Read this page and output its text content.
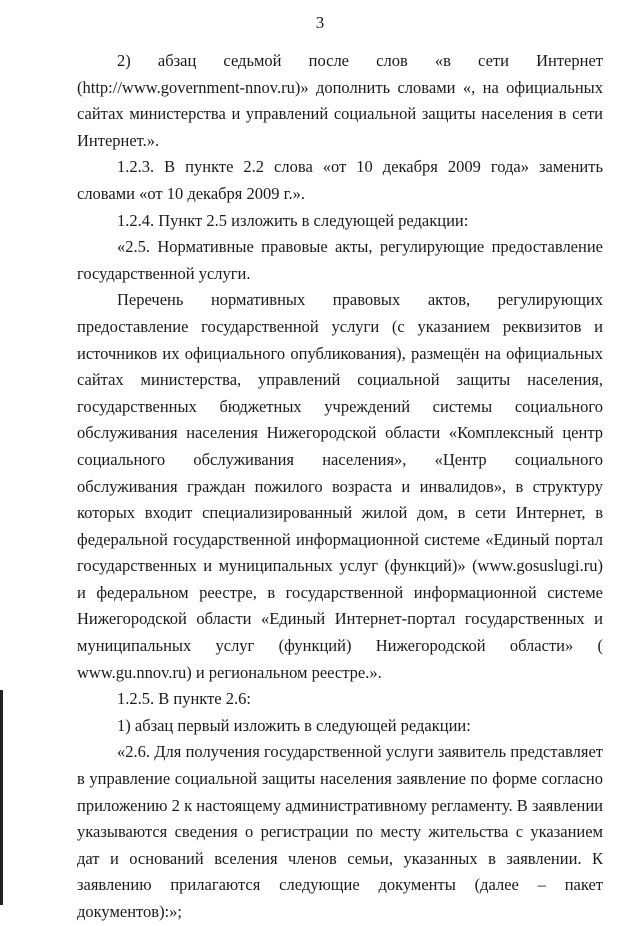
3

2) абзац седьмой после слов «в сети Интернет (http://www.government-nnov.ru)» дополнить словами «, на официальных сайтах министерства и управлений социальной защиты населения в сети Интернет.».

1.2.3. В пункте 2.2 слова «от 10 декабря 2009 года» заменить словами «от 10 декабря 2009 г.».

1.2.4. Пункт 2.5 изложить в следующей редакции:

«2.5. Нормативные правовые акты, регулирующие предоставление государственной услуги.

Перечень нормативных правовых актов, регулирующих предоставление государственной услуги (с указанием реквизитов и источников их официального опубликования), размещён на официальных сайтах министерства, управлений социальной защиты населения, государственных бюджетных учреждений системы социального обслуживания населения Нижегородской области «Комплексный центр социального обслуживания населения», «Центр социального обслуживания граждан пожилого возраста и инвалидов», в структуру которых входит специализированный жилой дом, в сети Интернет, в федеральной государственной информационной системе «Единый портал государственных и муниципальных услуг (функций)» (www.gosuslugi.ru) и федеральном реестре, в государственной информационной системе Нижегородской области «Единый Интернет-портал государственных и муниципальных услуг (функций) Нижегородской области» ( www.gu.nnov.ru) и региональном реестре.».

1.2.5. В пункте 2.6:

1) абзац первый изложить в следующей редакции:

«2.6. Для получения государственной услуги заявитель представляет в управление социальной защиты населения заявление по форме согласно приложению 2 к настоящему административному регламенту. В заявлении указываются сведения о регистрации по месту жительства с указанием дат и оснований вселения членов семьи, указанных в заявлении. К заявлению прилагаются следующие документы (далее – пакет документов):»;
